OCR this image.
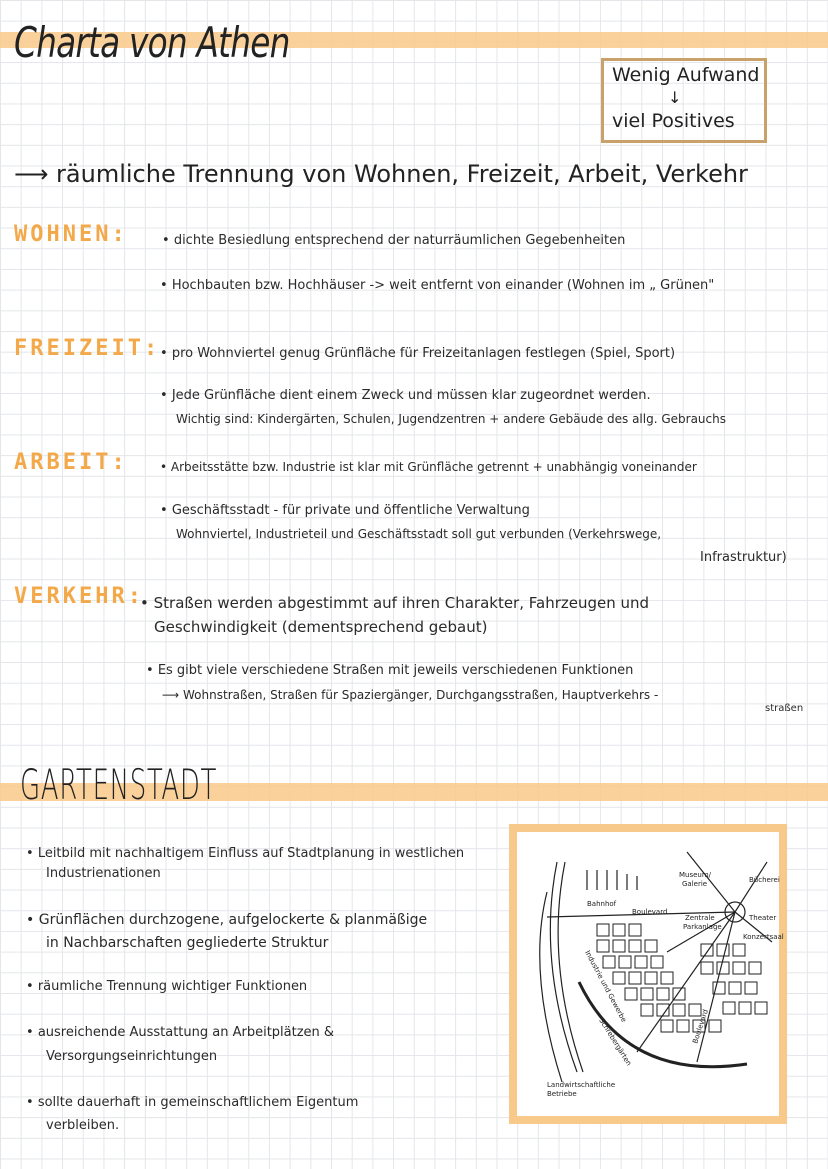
Charta von Athen
Wenig Aufwand
↓
viel Positives
⟶ räumliche Trennung von Wohnen, Freizeit, Arbeit, Verkehr
WOHNEN:	• dichte Besiedlung entsprechend der naturräumlichen Gegebenheiten
• Hochbauten bzw. Hochhäuser -> weit entfernt von einander (Wohnen im „ Grünen"
FREIZEIT: • pro Wohnviertel genug Grünfläche für Freizeitanlagen festlegen (Spiel, Sport)
• Jede Grünfläche dient einem Zweck und müssen klar zugeordnet werden.
Wichtig sind: Kindergärten, Schulen, Jugendzentren + andere Gebäude des allg. Gebrauchs
ARBEIT:	• Arbeitsstätte bzw. Industrie ist klar mit Grünfläche getrennt + unabhängig voneinander
• Geschäftsstadt - für private und öffentliche Verwaltung
Wohnviertel, Industrieteil und Geschäftsstadt soll gut verbunden (Verkehrswege,
Infrastruktur)
VERKEHR:
• Straßen werden abgestimmt auf ihren Charakter, Fahrzeugen und
Geschwindigkeit (dementsprechend gebaut)
• Es gibt viele verschiedene Straßen mit jeweils verschiedenen Funktionen
⟶ Wohnstraßen, Straßen für Spaziergänger, Durchgangsstraßen, Hauptverkehrs -
straßen
GARTENSTADT
• Leitbild mit nachhaltigem Einfluss auf Stadtplanung in westlichen
Industrienationen
• Grünflächen durchzogene, aufgelockerte & planmäßige
in Nachbarschaften gegliederte Struktur
• räumliche Trennung wichtiger Funktionen
• ausreichende Ausstattung an Arbeitplätzen &
Versorgungseinrichtungen
• sollte dauerhaft in gemeinschaftlichem Eigentum
verbleiben.
Museum/
Galerie	Bücherei
Bahnhof
Boulevard
Zentrale
Parkanlage
Theater
Konzertsaal
Industrie und Gewerbe
Schrebergärten	Boulevard
Landwirtschaftliche
Betriebe
